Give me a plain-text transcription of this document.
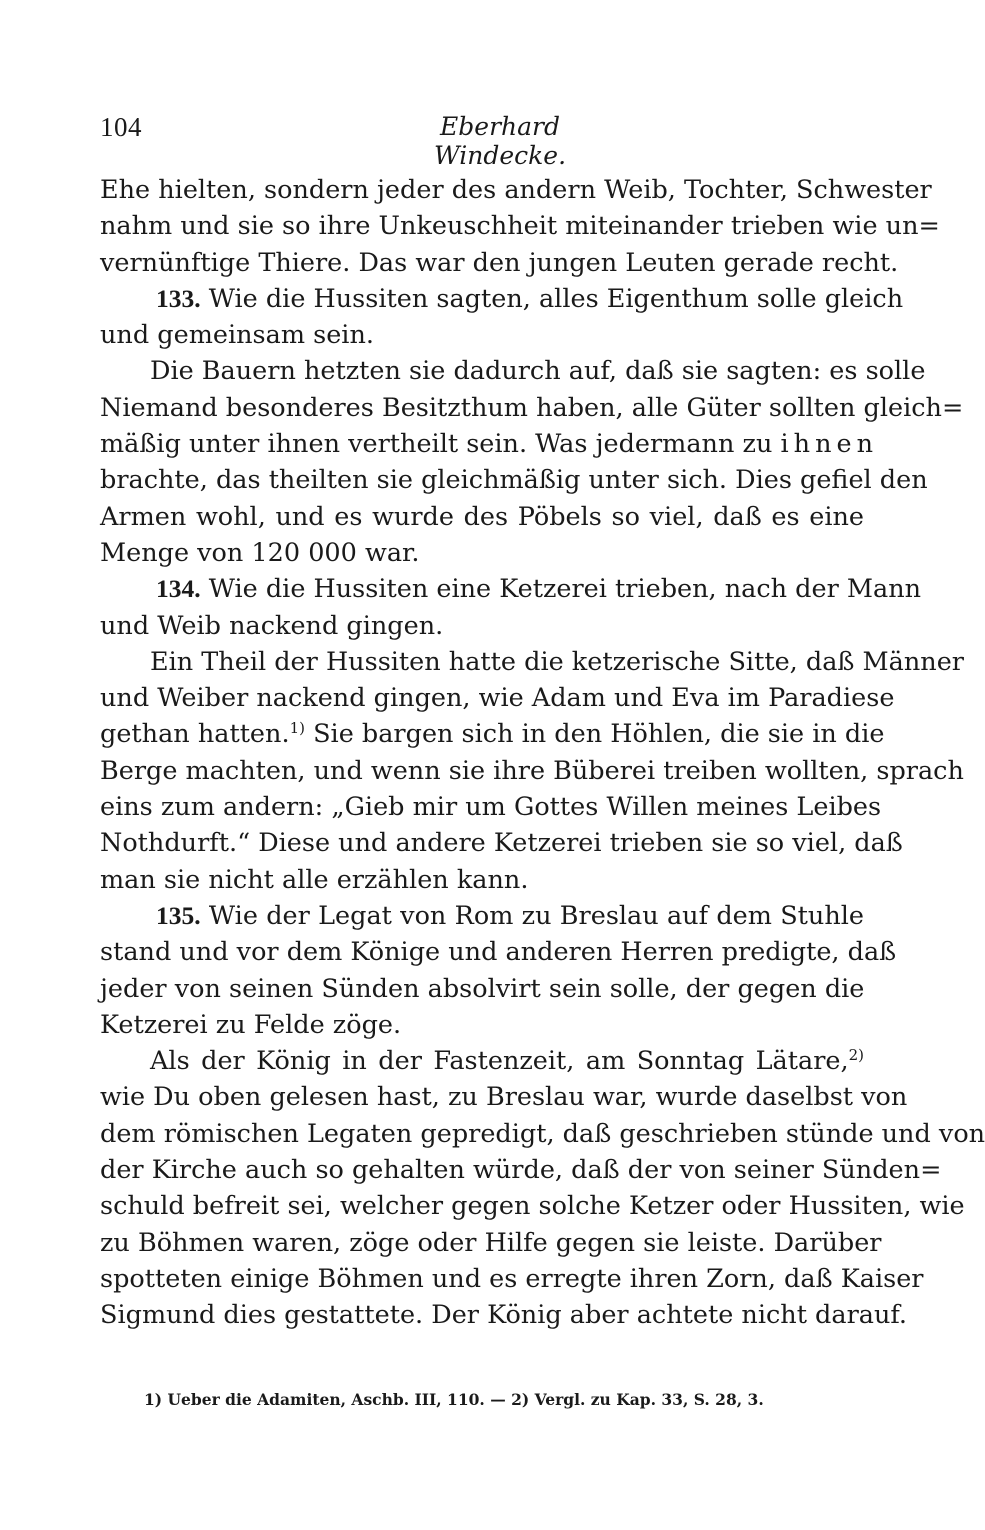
104	Eberhard Windecke.
Ehe hielten, sondern jeder des andern Weib, Tochter, Schwester
nahm und sie so ihre Unkeuschheit miteinander trieben wie un=
vernünftige Thiere. Das war den jungen Leuten gerade recht.
133. Wie die Hussiten sagten, alles Eigenthum solle gleich
und gemeinsam sein.
Die Bauern hetzten sie dadurch auf, daß sie sagten: es solle
Niemand besonderes Besitzthum haben, alle Güter sollten gleich=
mäßig unter ihnen vertheilt sein. Was jedermann zu ihnen
brachte, das theilten sie gleichmäßig unter sich. Dies gefiel den
Armen wohl, und es wurde des Pöbels so viel, daß es eine
Menge von 120 000 war.
134. Wie die Hussiten eine Ketzerei trieben, nach der Mann
und Weib nackend gingen.
Ein Theil der Hussiten hatte die ketzerische Sitte, daß Männer
und Weiber nackend gingen, wie Adam und Eva im Paradiese
gethan hatten.$^{1)}$ Sie bargen sich in den Höhlen, die sie in die
Berge machten, und wenn sie ihre Büberei treiben wollten, sprach
eins zum andern: „Gieb mir um Gottes Willen meines Leibes
Nothdurft.“ Diese und andere Ketzerei trieben sie so viel, daß
man sie nicht alle erzählen kann.
135. Wie der Legat von Rom zu Breslau auf dem Stuhle
stand und vor dem Könige und anderen Herren predigte, daß
jeder von seinen Sünden absolvirt sein solle, der gegen die
Ketzerei zu Felde zöge.
Als der König in der Fastenzeit, am Sonntag Lätare,$^{2)}$
wie Du oben gelesen hast, zu Breslau war, wurde daselbst von
dem römischen Legaten gepredigt, daß geschrieben stünde und von
der Kirche auch so gehalten würde, daß der von seiner Sünden=
schuld befreit sei, welcher gegen solche Ketzer oder Hussiten, wie
zu Böhmen waren, zöge oder Hilfe gegen sie leiste. Darüber
spotteten einige Böhmen und es erregte ihren Zorn, daß Kaiser
Sigmund dies gestattete. Der König aber achtete nicht darauf.
1) Ueber die Adamiten, Aschb. III, 110. — 2) Vergl. zu Kap. 33, S. 28, 3.
